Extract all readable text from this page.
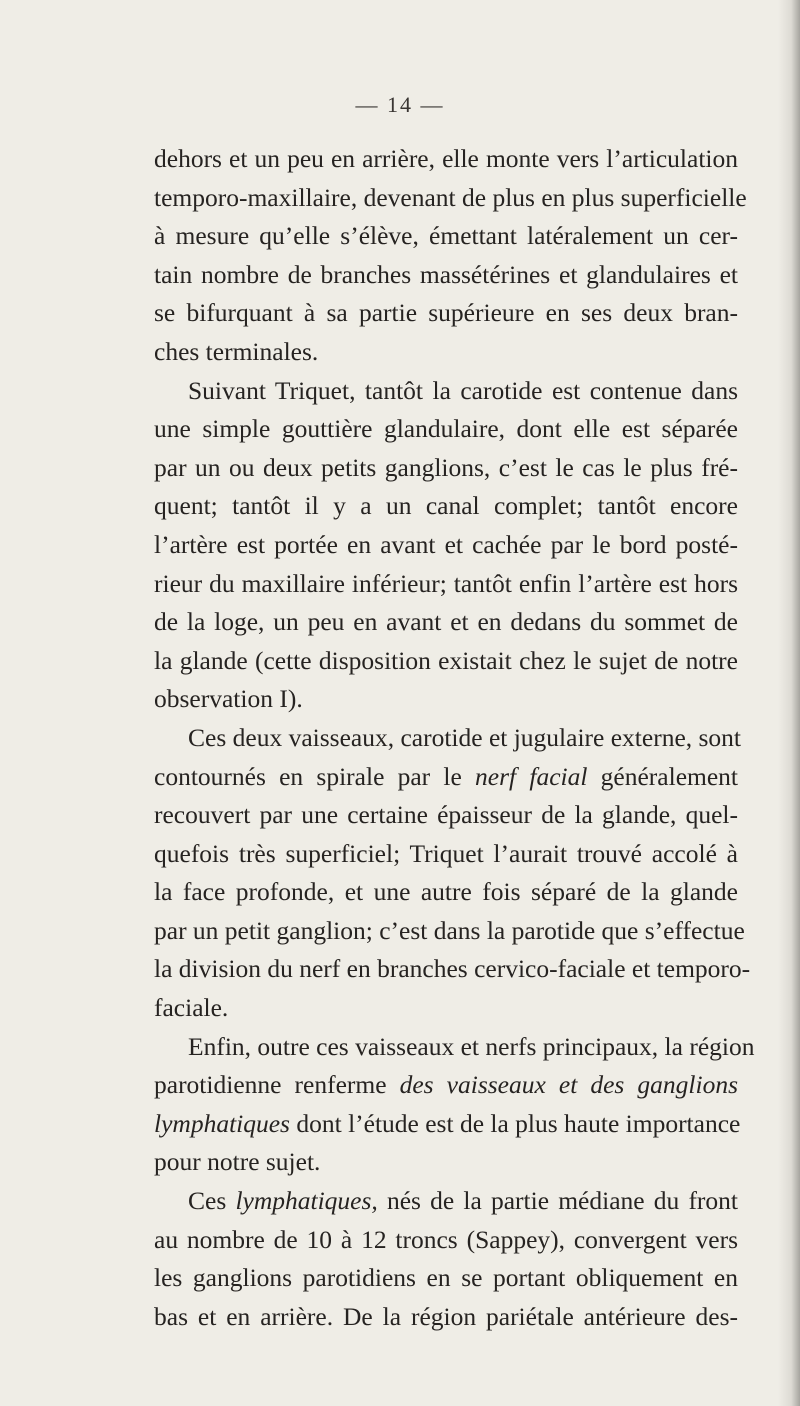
— 14 —
dehors et un peu en arrière, elle monte vers l’articulation
temporo-maxillaire, devenant de plus en plus superficielle
à mesure qu’elle s’élève, émettant latéralement un cer-
tain nombre de branches massétérines et glandulaires et
se bifurquant à sa partie supérieure en ses deux bran-
ches terminales.
Suivant Triquet, tantôt la carotide est contenue dans
une simple gouttière glandulaire, dont elle est séparée
par un ou deux petits ganglions, c’est le cas le plus fré-
quent; tantôt il y a un canal complet; tantôt encore
l’artère est portée en avant et cachée par le bord posté-
rieur du maxillaire inférieur; tantôt enfin l’artère est hors
de la loge, un peu en avant et en dedans du sommet de
la glande (cette disposition existait chez le sujet de notre
observation I).
Ces deux vaisseaux, carotide et jugulaire externe, sont
contournés en spirale par le nerf facial généralement
recouvert par une certaine épaisseur de la glande, quel-
quefois très superficiel; Triquet l’aurait trouvé accolé à
la face profonde, et une autre fois séparé de la glande
par un petit ganglion; c’est dans la parotide que s’effectue
la division du nerf en branches cervico-faciale et temporo-
faciale.
Enfin, outre ces vaisseaux et nerfs principaux, la région
parotidienne renferme des vaisseaux et des ganglions
lymphatiques dont l’étude est de la plus haute importance
pour notre sujet.
Ces lymphatiques, nés de la partie médiane du front
au nombre de 10 à 12 troncs (Sappey), convergent vers
les ganglions parotidiens en se portant obliquement en
bas et en arrière. De la région pariétale antérieure des-
